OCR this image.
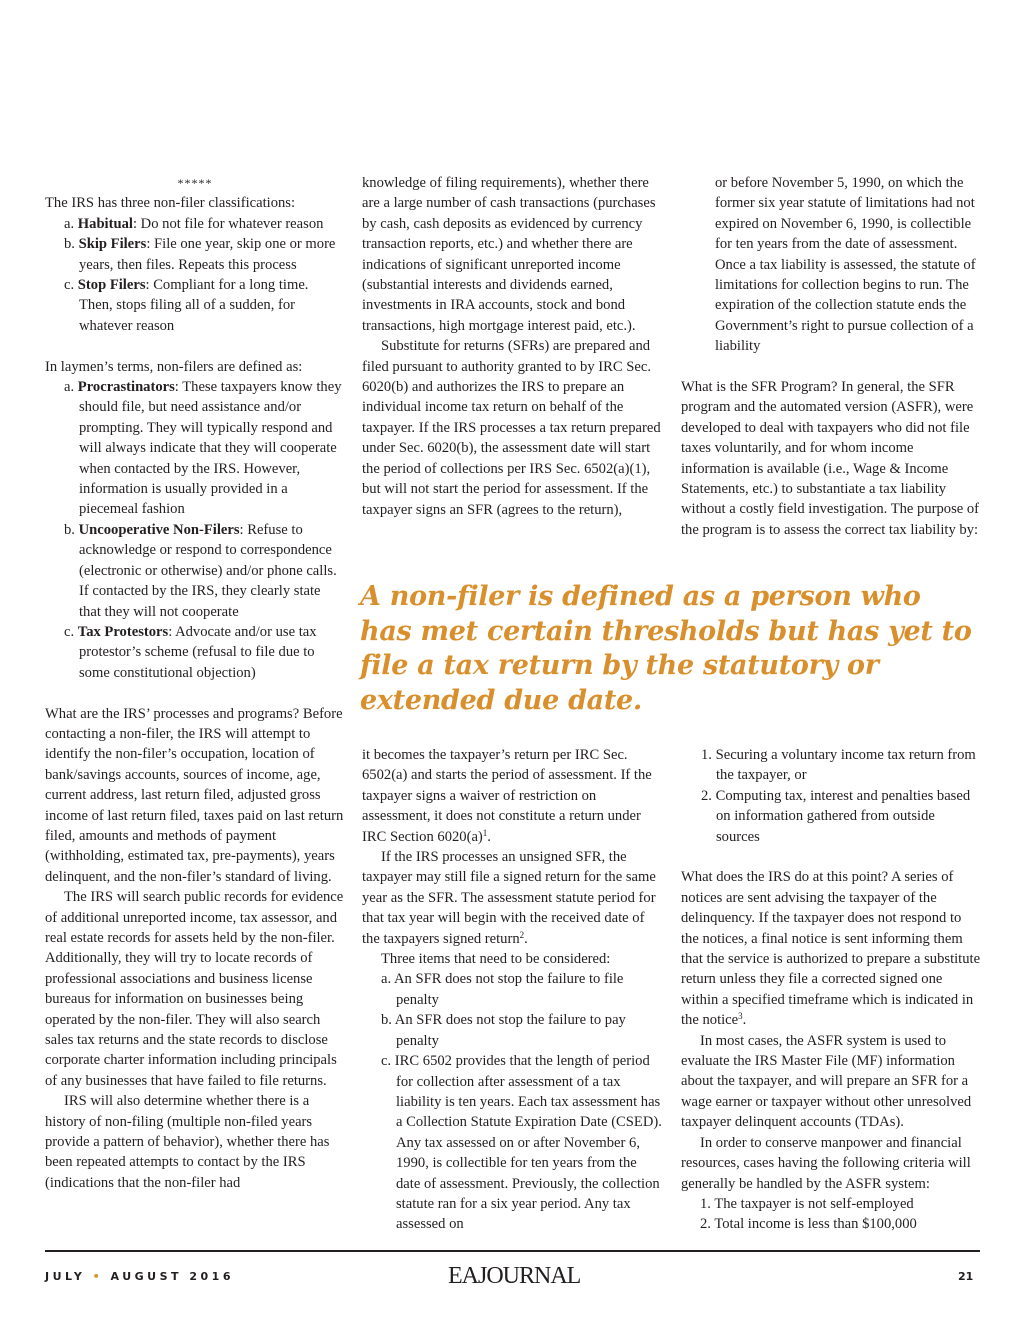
*****

The IRS has three non-filer classifications:

a. Habitual: Do not file for whatever reason

b. Skip Filers: File one year, skip one or more years, then files. Repeats this process

c. Stop Filers: Compliant for a long time. Then, stops filing all of a sudden, for whatever reason

In laymen’s terms, non-filers are defined as:

a. Procrastinators: These taxpayers know they should file, but need assistance and/or prompting. They will typically respond and will always indicate that they will cooperate when contacted by the IRS. However, information is usually provided in a piecemeal fashion

b. Uncooperative Non-Filers: Refuse to acknowledge or respond to correspondence (electronic or otherwise) and/or phone calls. If contacted by the IRS, they clearly state that they will not cooperate

c. Tax Protestors: Advocate and/or use tax protestor’s scheme (refusal to file due to some constitutional objection)

What are the IRS’ processes and programs? Before contacting a non-filer, the IRS will attempt to identify the non-filer’s occupation, location of bank/savings accounts, sources of income, age, current address, last return filed, adjusted gross income of last return filed, taxes paid on last return filed, amounts and methods of payment (withholding, estimated tax, pre-payments), years delinquent, and the non-filer’s standard of living.

The IRS will search public records for evidence of additional unreported income, tax assessor, and real estate records for assets held by the non-filer. Additionally, they will try to locate records of professional associations and business license bureaus for information on businesses being operated by the non-filer. They will also search sales tax returns and the state records to disclose corporate charter information including principals of any businesses that have failed to file returns.

IRS will also determine whether there is a history of non-filing (multiple non-filed years provide a pattern of behavior), whether there has been repeated attempts to contact by the IRS (indications that the non-filer had

knowledge of filing requirements), whether there are a large number of cash transactions (purchases by cash, cash deposits as evidenced by currency transaction reports, etc.) and whether there are indications of significant unreported income (substantial interests and dividends earned, investments in IRA accounts, stock and bond transactions, high mortgage interest paid, etc.).

Substitute for returns (SFRs) are prepared and filed pursuant to authority granted to by IRC Sec. 6020(b) and authorizes the IRS to prepare an individual income tax return on behalf of the taxpayer. If the IRS processes a tax return prepared under Sec. 6020(b), the assessment date will start the period of collections per IRS Sec. 6502(a)(1), but will not start the period for assessment. If the taxpayer signs an SFR (agrees to the return),

or before November 5, 1990, on which the former six year statute of limitations had not expired on November 6, 1990, is collectible for ten years from the date of assessment. Once a tax liability is assessed, the statute of limitations for collection begins to run. The expiration of the collection statute ends the Government’s right to pursue collection of a liability

What is the SFR Program? In general, the SFR program and the automated version (ASFR), were developed to deal with taxpayers who did not file taxes voluntarily, and for whom income information is available (i.e., Wage & Income Statements, etc.) to substantiate a tax liability without a costly field investigation. The purpose of the program is to assess the correct tax liability by:

A non-filer is defined as a person who has met certain thresholds but has yet to file a tax return by the statutory or extended due date.

it becomes the taxpayer’s return per IRC Sec. 6502(a) and starts the period of assessment. If the taxpayer signs a waiver of restriction on assessment, it does not constitute a return under IRC Section $6020(a)^1$.

If the IRS processes an unsigned SFR, the taxpayer may still file a signed return for the same year as the SFR. The assessment statute period for that tax year will begin with the received date of the taxpayers signed return$^2$.

Three items that need to be considered:

a. An SFR does not stop the failure to file penalty

b. An SFR does not stop the failure to pay penalty

c. IRC 6502 provides that the length of period for collection after assessment of a tax liability is ten years. Each tax assessment has a Collection Statute Expiration Date (CSED). Any tax assessed on or after November 6, 1990, is collectible for ten years from the date of assessment. Previously, the collection statute ran for a six year period. Any tax assessed on

1. Securing a voluntary income tax return from the taxpayer, or

2. Computing tax, interest and penalties based on information gathered from outside sources

What does the IRS do at this point? A series of notices are sent advising the taxpayer of the delinquency. If the taxpayer does not respond to the notices, a final notice is sent informing them that the service is authorized to prepare a substitute return unless they file a corrected signed one within a specified timeframe which is indicated in the notice$^3$.

In most cases, the ASFR system is used to evaluate the IRS Master File (MF) information about the taxpayer, and will prepare an SFR for a wage earner or taxpayer without other unresolved taxpayer delinquent accounts (TDAs).

In order to conserve manpower and financial resources, cases having the following criteria will generally be handled by the ASFR system:

1. The taxpayer is not self-employed

2. Total income is less than $100,000

JULY • AUGUST 2016	EAJOURNAL	21
